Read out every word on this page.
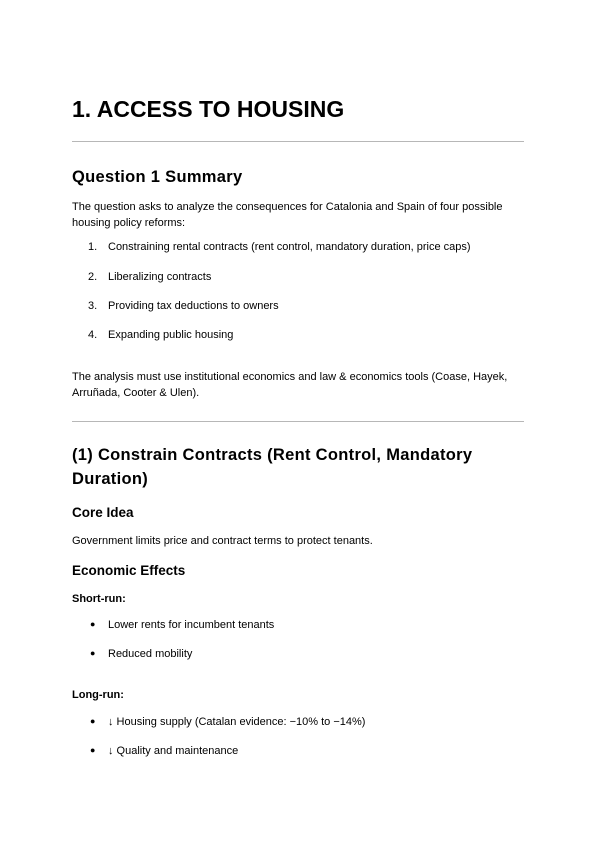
1. ACCESS TO HOUSING
Question 1 Summary

The question asks to analyze the consequences for Catalonia and Spain of four possible housing policy reforms:

1. Constraining rental contracts (rent control, mandatory duration, price caps)
2. Liberalizing contracts
3. Providing tax deductions to owners
4. Expanding public housing

The analysis must use institutional economics and law & economics tools (Coase, Hayek, Arruñada, Cooter & Ulen).

(1) Constrain Contracts (Rent Control, Mandatory Duration)
Core Idea

Government limits price and contract terms to protect tenants.

Economic Effects
Short-run:
● Lower rents for incumbent tenants
● Reduced mobility
Long-run:
● ↓ Housing supply (Catalan evidence: −10% to −14%)
● ↓ Quality and maintenance
